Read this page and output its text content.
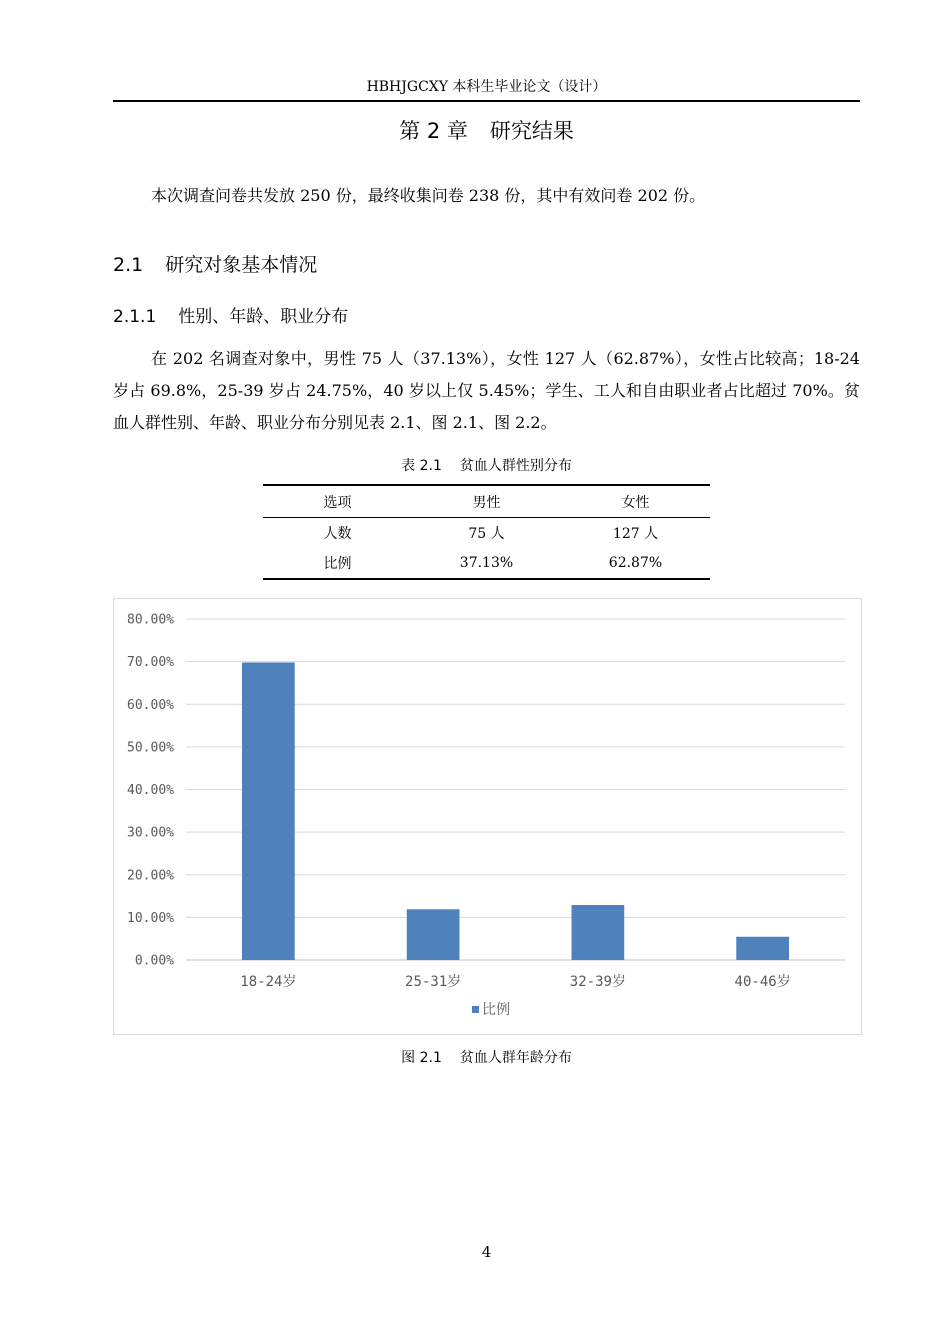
HBHJGCXY 本科生毕业论文（设计）
第 2 章 研究结果
本次调查问卷共发放 250 份，最终收集问卷 238 份，其中有效问卷 202 份。
2.1 研究对象基本情况
2.1.1 性别、年龄、职业分布
在 202 名调查对象中，男性 75 人（37.13%），女性 127 人（62.87%），女性占比较高；18-24 岁占 69.8%，25-39 岁占 24.75%，40 岁以上仅 5.45%；学生、工人和自由职业者占比超过 70%。贫血人群性别、年龄、职业分布分别见表 2.1、图 2.1、图 2.2。
表 2.1 贫血人群性别分布
选项	男性	女性
人数	75 人	127 人
比例	37.13%	62.87%
0.00%
10.00%
20.00%
30.00%
40.00%
50.00%
60.00%
70.00%
80.00%
18-24岁	25-31岁	32-39岁	40-46岁
比例
图 2.1 贫血人群年龄分布
4
